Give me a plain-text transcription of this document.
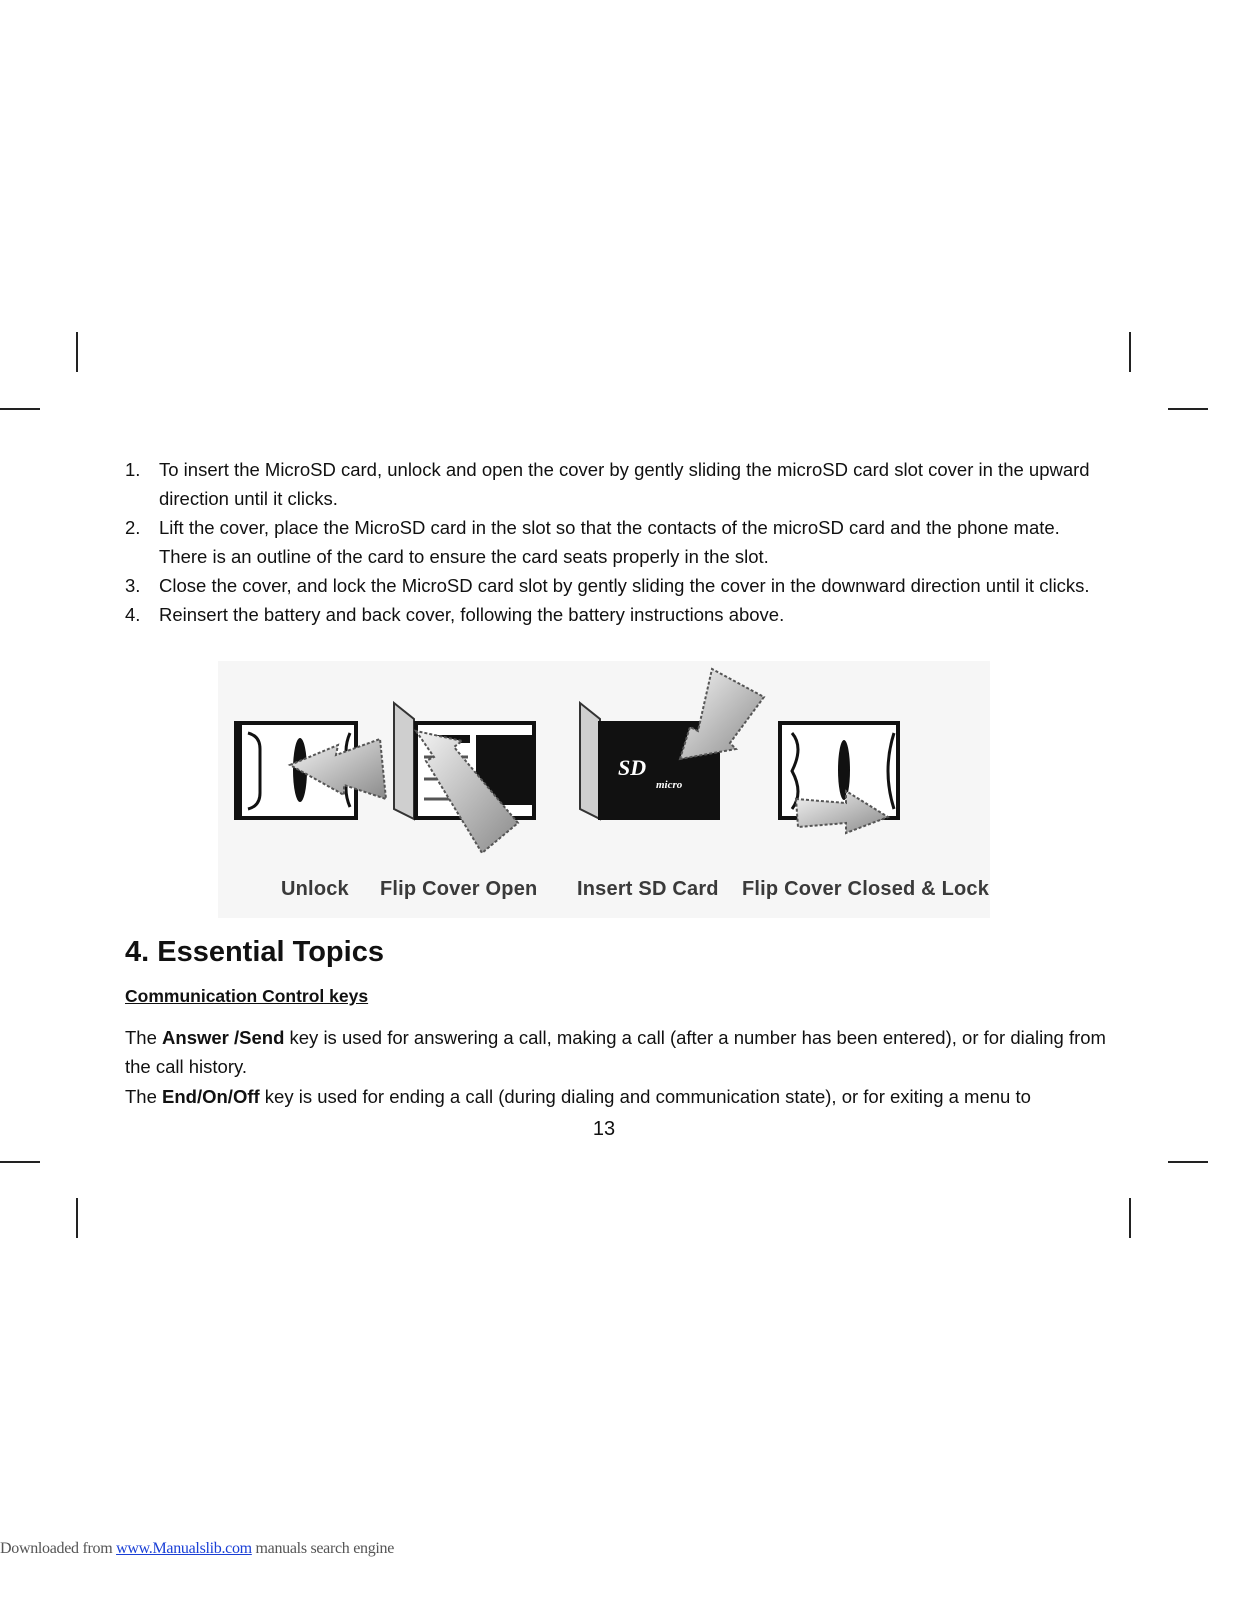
1. To insert the MicroSD card, unlock and open the cover by gently sliding the microSD card slot cover in the upward direction until it clicks.
2. Lift the cover, place the MicroSD card in the slot so that the contacts of the microSD card and the phone mate. There is an outline of the card to ensure the card seats properly in the slot.
3. Close the cover, and lock the MicroSD card slot by gently sliding the cover in the downward direction until it clicks.
4. Reinsert the battery and back cover, following the battery instructions above.
SD
micro
Unlock Flip Cover Open Insert SD Card Flip Cover Closed & Lock
4. Essential Topics
Communication Control keys

The Answer /Send key is used for answering a call, making a call (after a number has been entered), or for dialing from the call history.

The End/On/Off key is used for ending a call (during dialing and communication state), or for exiting a menu to

13
Downloaded from www.Manualslib.com manuals search engine
